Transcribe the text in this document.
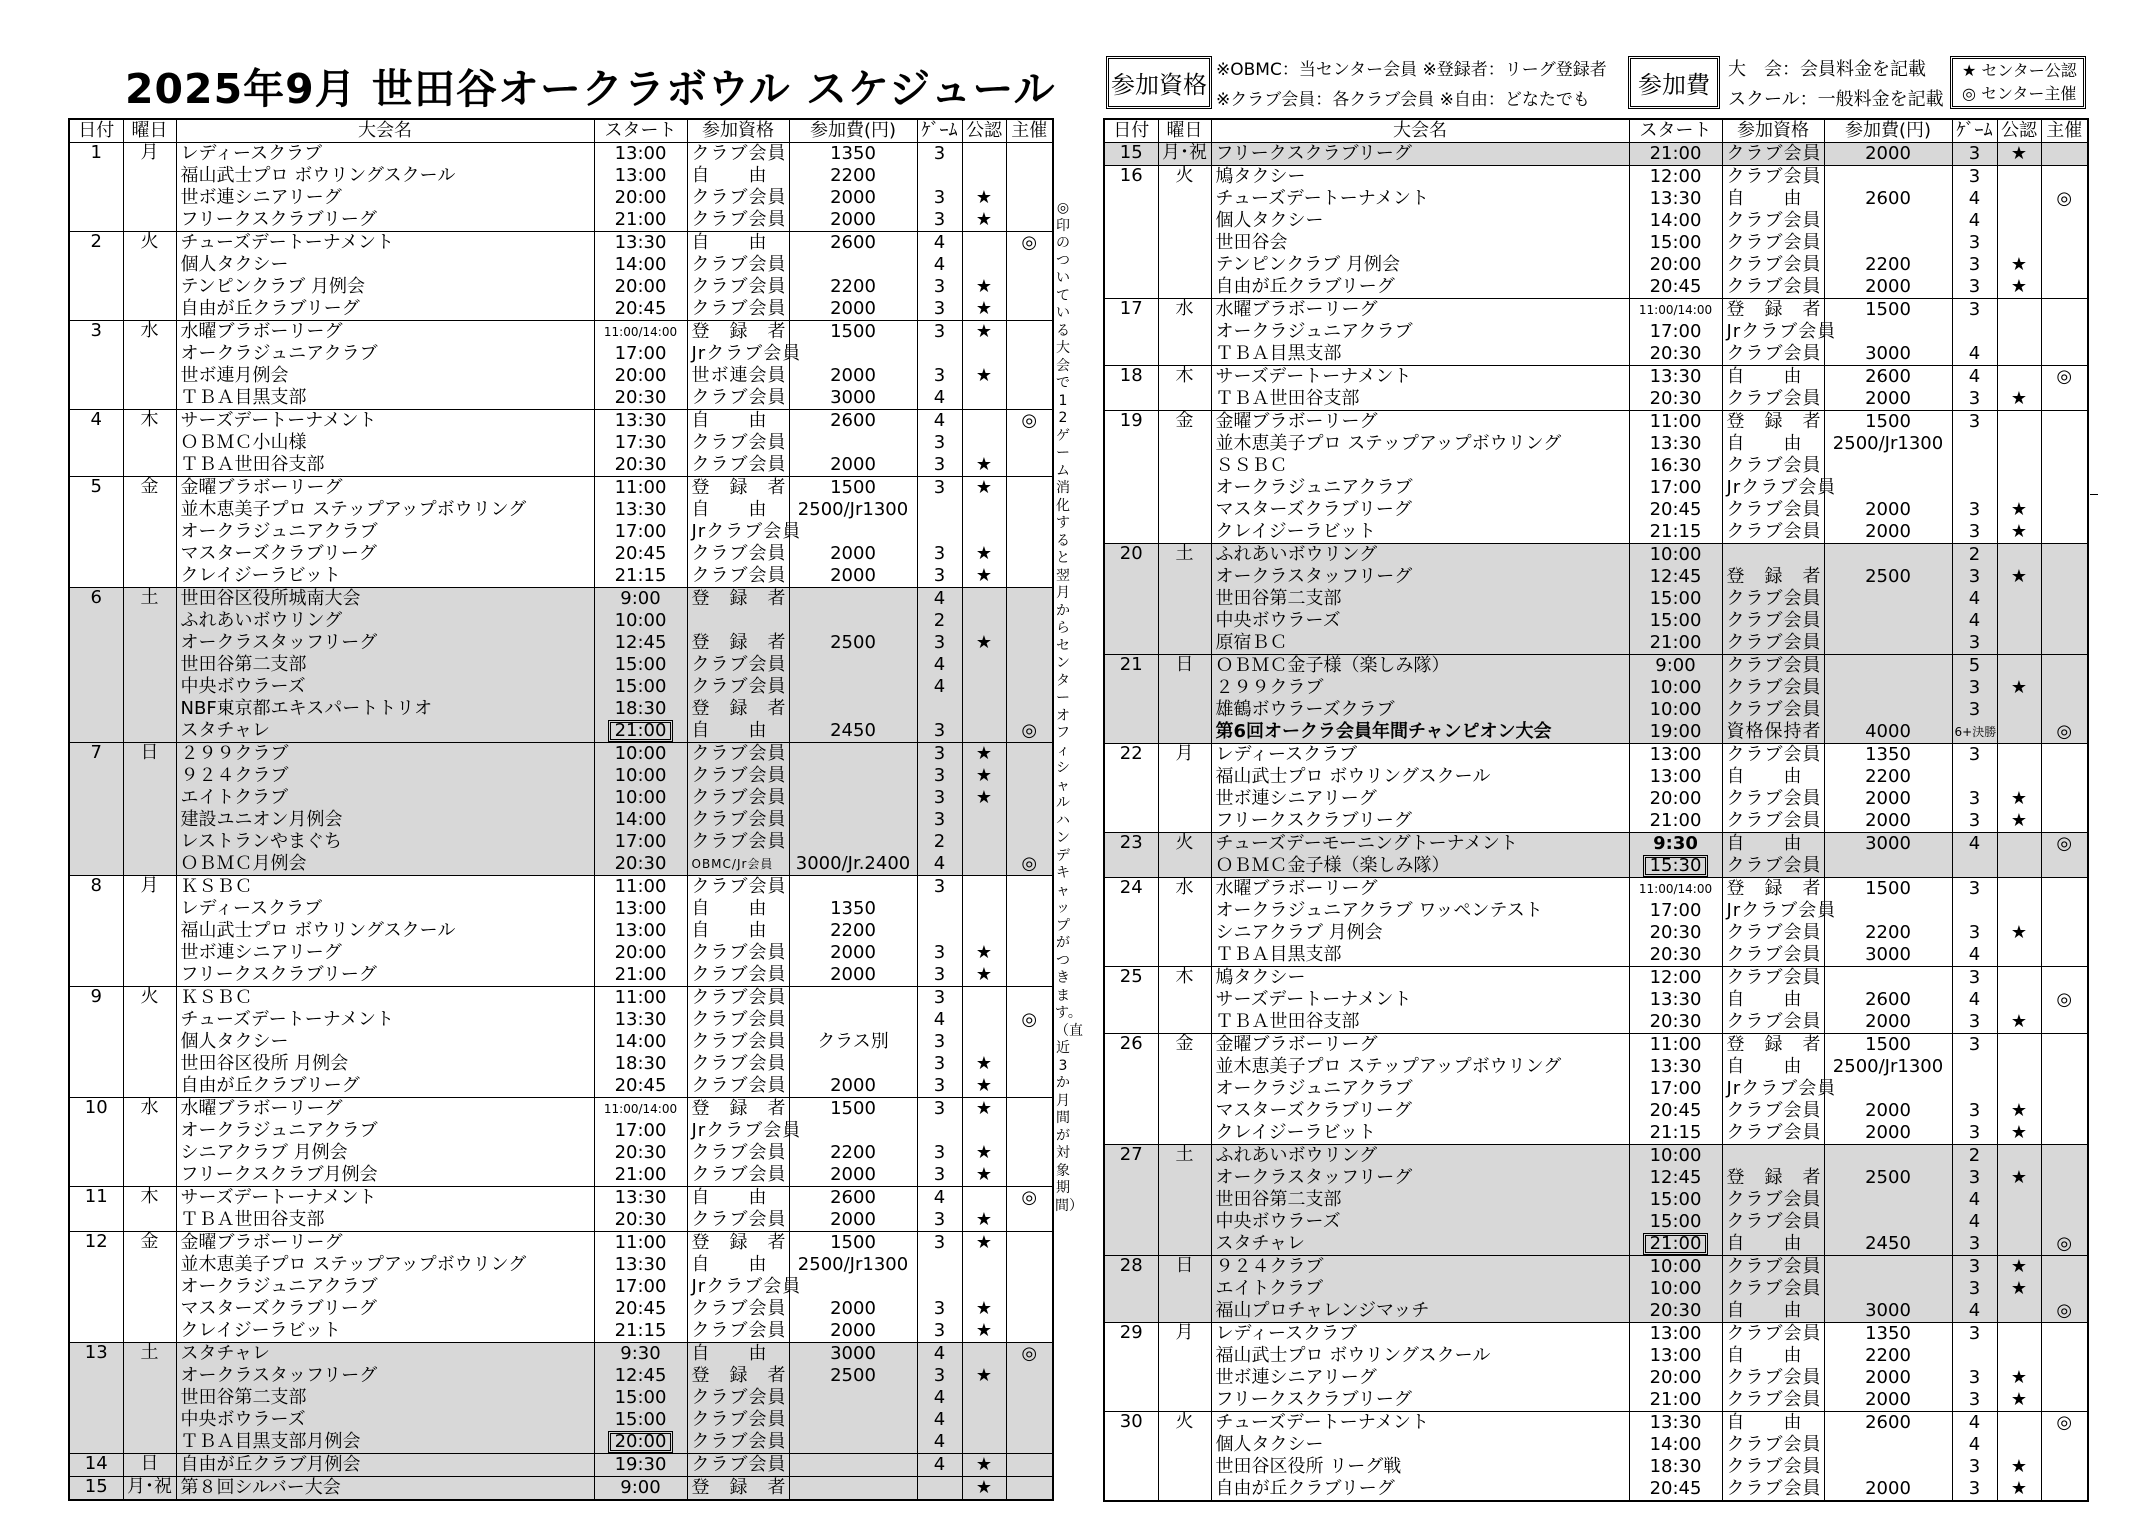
2025年9月 世田谷オークラボウル スケジュール 参加資格
※OBMC：当センター会員 ※登録者：リーグ登録者
※クラブ会員：各クラブ会員 ※自由：どなたでも
参加費
大　会：会員料金を記載
スクール：一般料金を記載
★ センター公認
◎ センター主催
日付	曜日	大会名	スタート	参加資格	参加費(円)	ｹﾞｰﾑ	公認	主催
1	月	レディースクラブ	13:00	クラブ会員	1350	3		
		福山武士プロ ボウリングスクール	13:00	自　　由	2200			
		世ボ連シニアリーグ	20:00	クラブ会員	2000	3	★	
		フリークスクラブリーグ	21:00	クラブ会員	2000	3	★	
2	火	チューズデートーナメント	13:30	自　　由	2600	4		◎
		個人タクシー	14:00	クラブ会員		4		
		テンピンクラブ 月例会	20:00	クラブ会員	2200	3	★	
		自由が丘クラブリーグ	20:45	クラブ会員	2000	3	★	
3	水	水曜ブラボーリーグ	11:00/14:00	登　録　者	1500	3	★	
		オークラジュニアクラブ	17:00	Jrクラブ会員				
		世ボ連月例会	20:00	世ボ連会員	2000	3	★	
		ＴＢＡ目黒支部	20:30	クラブ会員	3000	4		
4	木	サーズデートーナメント	13:30	自　　由	2600	4		◎
		ＯＢＭＣ小山様	17:30	クラブ会員		3		
		ＴＢＡ世田谷支部	20:30	クラブ会員	2000	3	★	
5	金	金曜ブラボーリーグ	11:00	登　録　者	1500	3	★	
		並木恵美子プロ ステップアップボウリング	13:30	自　　由	2500/Jr1300			
		オークラジュニアクラブ	17:00	Jrクラブ会員				
		マスターズクラブリーグ	20:45	クラブ会員	2000	3	★	
		クレイジーラビット	21:15	クラブ会員	2000	3	★	
6	土	世田谷区役所城南大会	9:00	登　録　者		4		
		ふれあいボウリング	10:00			2		
		オークラスタッフリーグ	12:45	登　録　者	2500	3	★	
		世田谷第二支部	15:00	クラブ会員		4		
		中央ボウラーズ	15:00	クラブ会員		4		
		NBF東京都エキスパートトリオ	18:30	登　録　者				
		スタチャレ	21:00	自　　由	2450	3		◎
7	日	２９９クラブ	10:00	クラブ会員		3	★	
		９２４クラブ	10:00	クラブ会員		3	★	
		エイトクラブ	10:00	クラブ会員		3	★	
		建設ユニオン月例会	14:00	クラブ会員		3		
		レストランやまぐち	17:00	クラブ会員		2		
		ＯＢＭＣ月例会	20:30	OBMC/Jr会員	3000/Jr.2400	4		◎
8	月	ＫＳＢＣ	11:00	クラブ会員		3		
		レディースクラブ	13:00	自　　由	1350			
		福山武士プロ ボウリングスクール	13:00	自　　由	2200			
		世ボ連シニアリーグ	20:00	クラブ会員	2000	3	★	
		フリークスクラブリーグ	21:00	クラブ会員	2000	3	★	
9	火	ＫＳＢＣ	11:00	クラブ会員		3		
		チューズデートーナメント	13:30	クラブ会員		4		◎
		個人タクシー	14:00	クラブ会員	クラス別	3		
		世田谷区役所 月例会	18:30	クラブ会員		3	★	
		自由が丘クラブリーグ	20:45	クラブ会員	2000	3	★	
10	水	水曜ブラボーリーグ	11:00/14:00	登　録　者	1500	3	★	
		オークラジュニアクラブ	17:00	Jrクラブ会員				
		シニアクラブ 月例会	20:30	クラブ会員	2200	3	★	
		フリークスクラブ月例会	21:00	クラブ会員	2000	3	★	
11	木	サーズデートーナメント	13:30	自　　由	2600	4		◎
		ＴＢＡ世田谷支部	20:30	クラブ会員	2000	3	★	
12	金	金曜ブラボーリーグ	11:00	登　録　者	1500	3	★	
		並木恵美子プロ ステップアップボウリング	13:30	自　　由	2500/Jr1300			
		オークラジュニアクラブ	17:00	Jrクラブ会員				
		マスターズクラブリーグ	20:45	クラブ会員	2000	3	★	
		クレイジーラビット	21:15	クラブ会員	2000	3	★	
13	土	スタチャレ	9:30	自　　由	3000	4		◎
		オークラスタッフリーグ	12:45	登　録　者	2500	3	★	
		世田谷第二支部	15:00	クラブ会員		4		
		中央ボウラーズ	15:00	クラブ会員		4		
		ＴＢＡ目黒支部月例会	20:00	クラブ会員		4		
14	日	自由が丘クラブ月例会	19:30	クラブ会員		4	★	
15	月･祝	第８回シルバー大会	9:00	登　録　者			★	
◎印のついている大会で12ゲーム消化すると翌月からセンターオフィシャルハンデキャップがつきます。（直近3か月間が対象期間）
日付	曜日	大会名	スタート	参加資格	参加費(円)	ｹﾞｰﾑ	公認	主催
15	月･祝	フリークスクラブリーグ	21:00	クラブ会員	2000	3	★	
16	火	鳩タクシー	12:00	クラブ会員		3		
		チューズデートーナメント	13:30	自　　由	2600	4		◎
		個人タクシー	14:00	クラブ会員		4		
		世田谷会	15:00	クラブ会員		3		
		テンピンクラブ 月例会	20:00	クラブ会員	2200	3	★	
		自由が丘クラブリーグ	20:45	クラブ会員	2000	3	★	
17	水	水曜ブラボーリーグ	11:00/14:00	登　録　者	1500	3		
		オークラジュニアクラブ	17:00	Jrクラブ会員				
		ＴＢＡ目黒支部	20:30	クラブ会員	3000	4		
18	木	サーズデートーナメント	13:30	自　　由	2600	4		◎
		ＴＢＡ世田谷支部	20:30	クラブ会員	2000	3	★	
19	金	金曜ブラボーリーグ	11:00	登　録　者	1500	3		
		並木恵美子プロ ステップアップボウリング	13:30	自　　由	2500/Jr1300			
		ＳＳＢＣ	16:30	クラブ会員				
		オークラジュニアクラブ	17:00	Jrクラブ会員				
		マスターズクラブリーグ	20:45	クラブ会員	2000	3	★	
		クレイジーラビット	21:15	クラブ会員	2000	3	★	
20	土	ふれあいボウリング	10:00			2		
		オークラスタッフリーグ	12:45	登　録　者	2500	3	★	
		世田谷第二支部	15:00	クラブ会員		4		
		中央ボウラーズ	15:00	クラブ会員		4		
		原宿ＢＣ	21:00	クラブ会員		3		
21	日	ＯＢＭＣ金子様（楽しみ隊）	9:00	クラブ会員		5		
		２９９クラブ	10:00	クラブ会員		3	★	
		雄鶴ボウラーズクラブ	10:00	クラブ会員		3		
		第6回オークラ会員年間チャンピオン大会	19:00	資格保持者	4000	6+決勝		◎
22	月	レディースクラブ	13:00	クラブ会員	1350	3		
		福山武士プロ ボウリングスクール	13:00	自　　由	2200			
		世ボ連シニアリーグ	20:00	クラブ会員	2000	3	★	
		フリークスクラブリーグ	21:00	クラブ会員	2000	3	★	
23	火	チューズデーモーニングトーナメント	9:30	自　　由	3000	4		◎
		ＯＢＭＣ金子様（楽しみ隊）	15:30	クラブ会員				
24	水	水曜ブラボーリーグ	11:00/14:00	登　録　者	1500	3		
		オークラジュニアクラブ ワッペンテスト	17:00	Jrクラブ会員				
		シニアクラブ 月例会	20:30	クラブ会員	2200	3	★	
		ＴＢＡ目黒支部	20:30	クラブ会員	3000	4		
25	木	鳩タクシー	12:00	クラブ会員		3		
		サーズデートーナメント	13:30	自　　由	2600	4		◎
		ＴＢＡ世田谷支部	20:30	クラブ会員	2000	3	★	
26	金	金曜ブラボーリーグ	11:00	登　録　者	1500	3		
		並木恵美子プロ ステップアップボウリング	13:30	自　　由	2500/Jr1300			
		オークラジュニアクラブ	17:00	Jrクラブ会員				
		マスターズクラブリーグ	20:45	クラブ会員	2000	3	★	
		クレイジーラビット	21:15	クラブ会員	2000	3	★	
27	土	ふれあいボウリング	10:00			2		
		オークラスタッフリーグ	12:45	登　録　者	2500	3	★	
		世田谷第二支部	15:00	クラブ会員		4		
		中央ボウラーズ	15:00	クラブ会員		4		
		スタチャレ	21:00	自　　由	2450	3		◎
28	日	９２４クラブ	10:00	クラブ会員		3	★	
		エイトクラブ	10:00	クラブ会員		3	★	
		福山プロチャレンジマッチ	20:30	自　　由	3000	4		◎
29	月	レディースクラブ	13:00	クラブ会員	1350	3		
		福山武士プロ ボウリングスクール	13:00	自　　由	2200			
		世ボ連シニアリーグ	20:00	クラブ会員	2000	3	★	
		フリークスクラブリーグ	21:00	クラブ会員	2000	3	★	
30	火	チューズデートーナメント	13:30	自　　由	2600	4		◎
		個人タクシー	14:00	クラブ会員		4		
		世田谷区役所 リーグ戦	18:30	クラブ会員		3	★	
		自由が丘クラブリーグ	20:45	クラブ会員	2000	3	★	
